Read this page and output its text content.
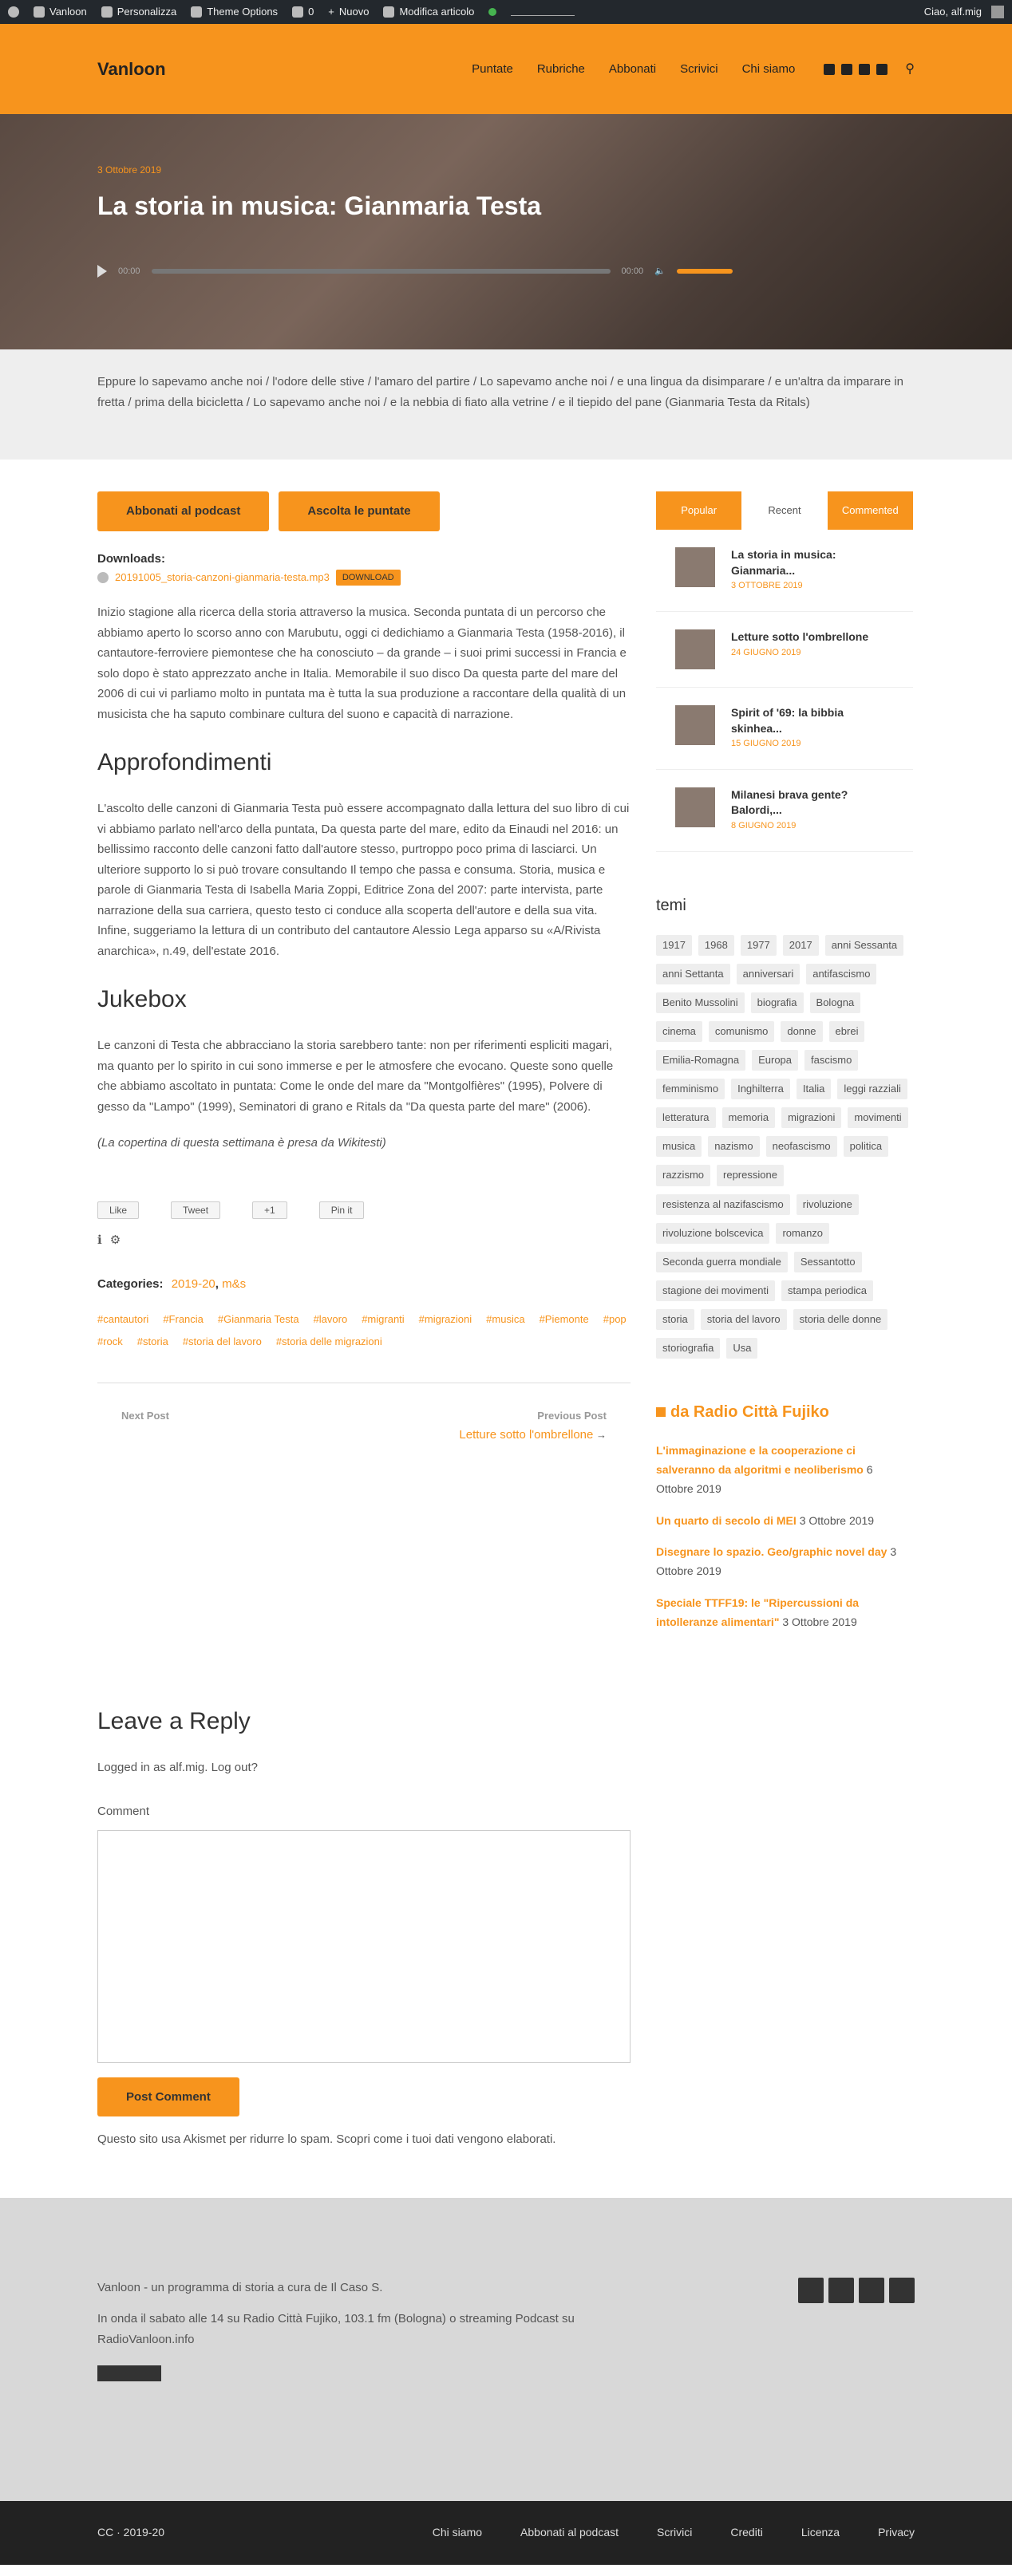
Vanloon	Personalizza	Theme Options	0 + Nuovo	Modifica articolo	Ciao, alf.mig
Vanloon	Puntate Rubriche Abbonati Scrivici Chi siamo	⚲
3 Ottobre 2019
La storia in musica: Gianmaria Testa
00:00	00:00 🔈
Eppure lo sapevamo anche noi / l'odore delle stive / l'amaro del partire / Lo sapevamo anche noi / e una lingua da disimparare / e un'altra da imparare in fretta / prima della bicicletta / Lo sapevamo anche noi / e la nebbia di fiato alla vetrine / e il tiepido del pane (Gianmaria Testa da Ritals)
Abbonati al podcast	Ascolta le puntate
Downloads:
20191005_storia-canzoni-gianmaria-testa.mp3	DOWNLOAD

Inizio stagione alla ricerca della storia attraverso la musica. Seconda puntata di un percorso che abbiamo aperto lo scorso anno con Marubutu, oggi ci dedichiamo a Gianmaria Testa (1958-2016), il cantautore-ferroviere piemontese che ha conosciuto – da grande – i suoi primi successi in Francia e solo dopo è stato apprezzato anche in Italia. Memorabile il suo disco Da questa parte del mare del 2006 di cui vi parliamo molto in puntata ma è tutta la sua produzione a raccontare della qualità di un musicista che ha saputo combinare cultura del suono e capacità di narrazione.

Approfondimenti

L'ascolto delle canzoni di Gianmaria Testa può essere accompagnato dalla lettura del suo libro di cui vi abbiamo parlato nell'arco della puntata, Da questa parte del mare, edito da Einaudi nel 2016: un bellissimo racconto delle canzoni fatto dall'autore stesso, purtroppo poco prima di lasciarci. Un ulteriore supporto lo si può trovare consultando Il tempo che passa e consuma. Storia, musica e parole di Gianmaria Testa di Isabella Maria Zoppi, Editrice Zona del 2007: parte intervista, parte narrazione della sua carriera, questo testo ci conduce alla scoperta dell'autore e della sua vita. Infine, suggeriamo la lettura di un contributo del cantautore Alessio Lega apparso su «A/Rivista anarchica», n.49, dell'estate 2016.

Jukebox

Le canzoni di Testa che abbracciano la storia sarebbero tante: non per riferimenti espliciti magari, ma quanto per lo spirito in cui sono immerse e per le atmosfere che evocano. Queste sono quelle che abbiamo ascoltato in puntata: Come le onde del mare da "Montgolfières" (1995), Polvere di gesso da "Lampo" (1999), Seminatori di grano e Ritals da "Da questa parte del mare" (2006).

(La copertina di questa settimana è presa da Wikitesti)

Like	Tweet	+1	Pin it
ℹ ⚙
Categories: 2019-20, m&s
#cantautori #Francia #Gianmaria Testa #lavoro #migranti #migrazioni #musica #Piemonte #pop
#rock #storia #storia del lavoro #storia delle migrazioni
Next Post	Previous Post
Letture sotto l'ombrellone →
Popular	Recent	Commented
La storia in musica: Gianmaria...
3 OTTOBRE 2019
Letture sotto l'ombrellone
24 GIUGNO 2019
Spirit of '69: la bibbia skinhea...
15 GIUGNO 2019
Milanesi brava gente? Balordi,...
8 GIUGNO 2019
temi
1917	1968	1977	2017	anni Sessanta
anni Settanta	anniversari	antifascismo
Benito Mussolini	biografia	Bologna
cinema	comunismo	donne	ebrei
Emilia-Romagna	Europa	fascismo
femminismo	Inghilterra	Italia	leggi razziali
letteratura	memoria	migrazioni	movimenti
musica	nazismo	neofascismo	politica
razzismo	repressione
resistenza al nazifascismo	rivoluzione
rivoluzione bolscevica	romanzo
Seconda guerra mondiale	Sessantotto
stagione dei movimenti	stampa periodica
storia	storia del lavoro	storia delle donne
storiografia	Usa
da Radio Città Fujiko
L'immaginazione e la cooperazione ci salveranno da algoritmi e neoliberismo 6 Ottobre 2019
Un quarto di secolo di MEI 3 Ottobre 2019
Disegnare lo spazio. Geo/graphic novel day 3 Ottobre 2019
Speciale TTFF19: le "Ripercussioni da intolleranze alimentari" 3 Ottobre 2019
Leave a Reply
Logged in as alf.mig. Log out?
Comment
Post Comment
Questo sito usa Akismet per ridurre lo spam. Scopri come i tuoi dati vengono elaborati.
Vanloon - un programma di storia a cura de Il Caso S.
In onda il sabato alle 14 su Radio Città Fujiko, 103.1 fm (Bologna) o streaming Podcast su RadioVanloon.info
CC · 2019-20	Chi siamo	Abbonati al podcast	Scrivici	Crediti	Licenza	Privacy
